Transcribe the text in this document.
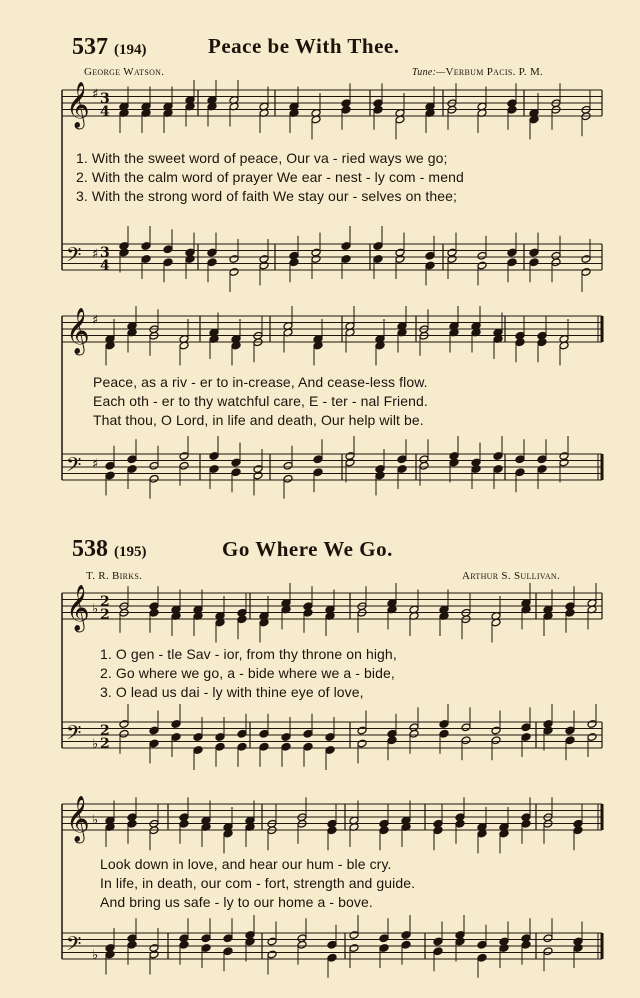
537 (194)	Peace be With Thee.
George Watson.	Tune:—Verbum Pacis. P. M.
538 (195)	Go Where We Go.
T. R. Birks.	Arthur S. Sullivan.
1. With the sweet word of peace, Our va - ried ways we go;
2. With the calm word of prayer We ear - nest - ly com - mend
3. With the strong word of faith We stay our - selves on thee;
Peace, as a riv - er to in-crease, And cease-less flow.
Each oth - er to thy watchful care, E - ter - nal Friend.
That thou, O Lord, in life and death, Our help wilt be.
1. O gen - tle Sav - ior, from thy throne on high,
2. Go where we go, a - bide where we a - bide,
3. O lead us dai - ly with thine eye of love,
Look down in love, and hear our hum - ble cry.
In life, in death, our com - fort, strength and guide.
And bring us safe - ly to our home a - bove.
𝄞
𝄢
♯
♯
3
4
3
4
𝄞
𝄢
♯
♯
𝄞
𝄢
♭
♭
2
2
2
2
𝄞
𝄢
♭
♭
